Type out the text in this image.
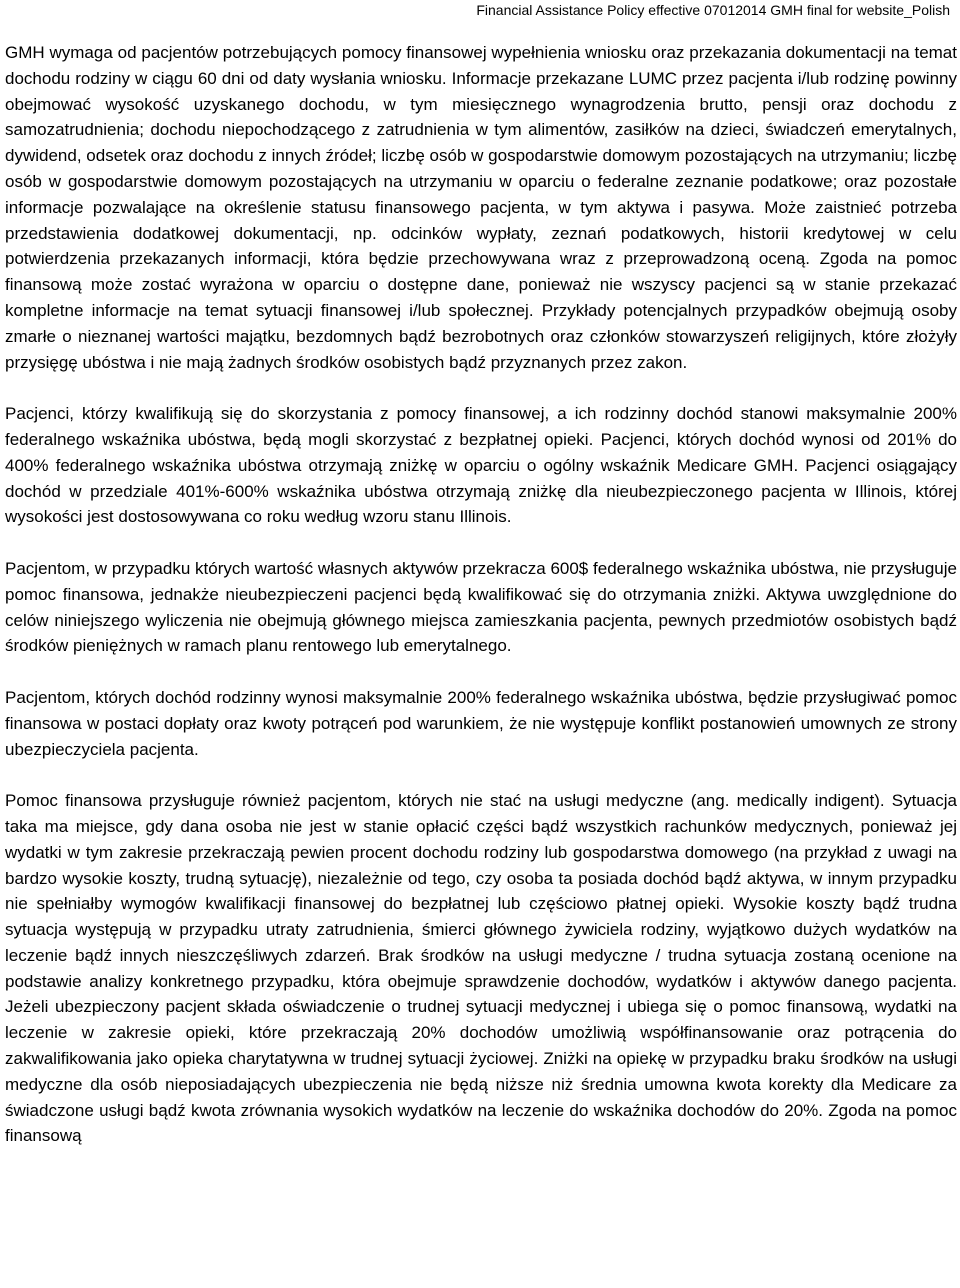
Financial Assistance Policy effective 07012014 GMH final for website_Polish

GMH wymaga od pacjentów potrzebujących pomocy finansowej wypełnienia wniosku oraz przekazania dokumentacji na temat dochodu rodziny w ciągu 60 dni od daty wysłania wniosku. Informacje przekazane LUMC przez pacjenta i/lub rodzinę powinny obejmować wysokość uzyskanego dochodu, w tym miesięcznego wynagrodzenia brutto, pensji oraz dochodu z samozatrudnienia; dochodu niepochodzącego z zatrudnienia w tym alimentów, zasiłków na dzieci, świadczeń emerytalnych, dywidend, odsetek oraz dochodu z innych źródeł; liczbę osób w gospodarstwie domowym pozostających na utrzymaniu; liczbę osób w gospodarstwie domowym pozostających na utrzymaniu w oparciu o federalne zeznanie podatkowe; oraz pozostałe informacje pozwalające na określenie statusu finansowego pacjenta, w tym aktywa i pasywa. Może zaistnieć potrzeba przedstawienia dodatkowej dokumentacji, np. odcinków wypłaty, zeznań podatkowych, historii kredytowej w celu potwierdzenia przekazanych informacji, która będzie przechowywana wraz z przeprowadzoną oceną. Zgoda na pomoc finansową może zostać wyrażona w oparciu o dostępne dane, ponieważ nie wszyscy pacjenci są w stanie przekazać kompletne informacje na temat sytuacji finansowej i/lub społecznej. Przykłady potencjalnych przypadków obejmują osoby zmarłe o nieznanej wartości majątku, bezdomnych bądź bezrobotnych oraz członków stowarzyszeń religijnych, które złożyły przysięgę ubóstwa i nie mają żadnych środków osobistych bądź przyznanych przez zakon.

Pacjenci, którzy kwalifikują się do skorzystania z pomocy finansowej, a ich rodzinny dochód stanowi maksymalnie 200% federalnego wskaźnika ubóstwa, będą mogli skorzystać z bezpłatnej opieki. Pacjenci, których dochód wynosi od 201% do 400% federalnego wskaźnika ubóstwa otrzymają zniżkę w oparciu o ogólny wskaźnik Medicare GMH. Pacjenci osiągający dochód w przedziale 401%-600% wskaźnika ubóstwa otrzymają zniżkę dla nieubezpieczonego pacjenta w Illinois, której wysokości jest dostosowywana co roku według wzoru stanu Illinois.

Pacjentom, w przypadku których wartość własnych aktywów przekracza 600$ federalnego wskaźnika ubóstwa, nie przysługuje pomoc finansowa, jednakże nieubezpieczeni pacjenci będą kwalifikować się do otrzymania zniżki. Aktywa uwzględnione do celów niniejszego wyliczenia nie obejmują głównego miejsca zamieszkania pacjenta, pewnych przedmiotów osobistych bądź środków pieniężnych w ramach planu rentowego lub emerytalnego.

Pacjentom, których dochód rodzinny wynosi maksymalnie 200% federalnego wskaźnika ubóstwa, będzie przysługiwać pomoc finansowa w postaci dopłaty oraz kwoty potrąceń pod warunkiem, że nie występuje konflikt postanowień umownych ze strony ubezpieczyciela pacjenta.

Pomoc finansowa przysługuje również pacjentom, których nie stać na usługi medyczne (ang. medically indigent). Sytuacja taka ma miejsce, gdy dana osoba nie jest w stanie opłacić części bądź wszystkich rachunków medycznych, ponieważ jej wydatki w tym zakresie przekraczają pewien procent dochodu rodziny lub gospodarstwa domowego (na przykład z uwagi na bardzo wysokie koszty, trudną sytuację), niezależnie od tego, czy osoba ta posiada dochód bądź aktywa, w innym przypadku nie spełniałby wymogów kwalifikacji finansowej do bezpłatnej lub częściowo płatnej opieki. Wysokie koszty bądź trudna sytuacja występują w przypadku utraty zatrudnienia, śmierci głównego żywiciela rodziny, wyjątkowo dużych wydatków na leczenie bądź innych nieszczęśliwych zdarzeń. Brak środków na usługi medyczne / trudna sytuacja zostaną ocenione na podstawie analizy konkretnego przypadku, która obejmuje sprawdzenie dochodów, wydatków i aktywów danego pacjenta. Jeżeli ubezpieczony pacjent składa oświadczenie o trudnej sytuacji medycznej i ubiega się o pomoc finansową, wydatki na leczenie w zakresie opieki, które przekraczają 20% dochodów umożliwią współfinansowanie oraz potrącenia do zakwalifikowania jako opieka charytatywna w trudnej sytuacji życiowej. Zniżki na opiekę w przypadku braku środków na usługi medyczne dla osób nieposiadających ubezpieczenia nie będą niższe niż średnia umowna kwota korekty dla Medicare za świadczone usługi bądź kwota zrównania wysokich wydatków na leczenie do wskaźnika dochodów do 20%. Zgoda na pomoc finansową
